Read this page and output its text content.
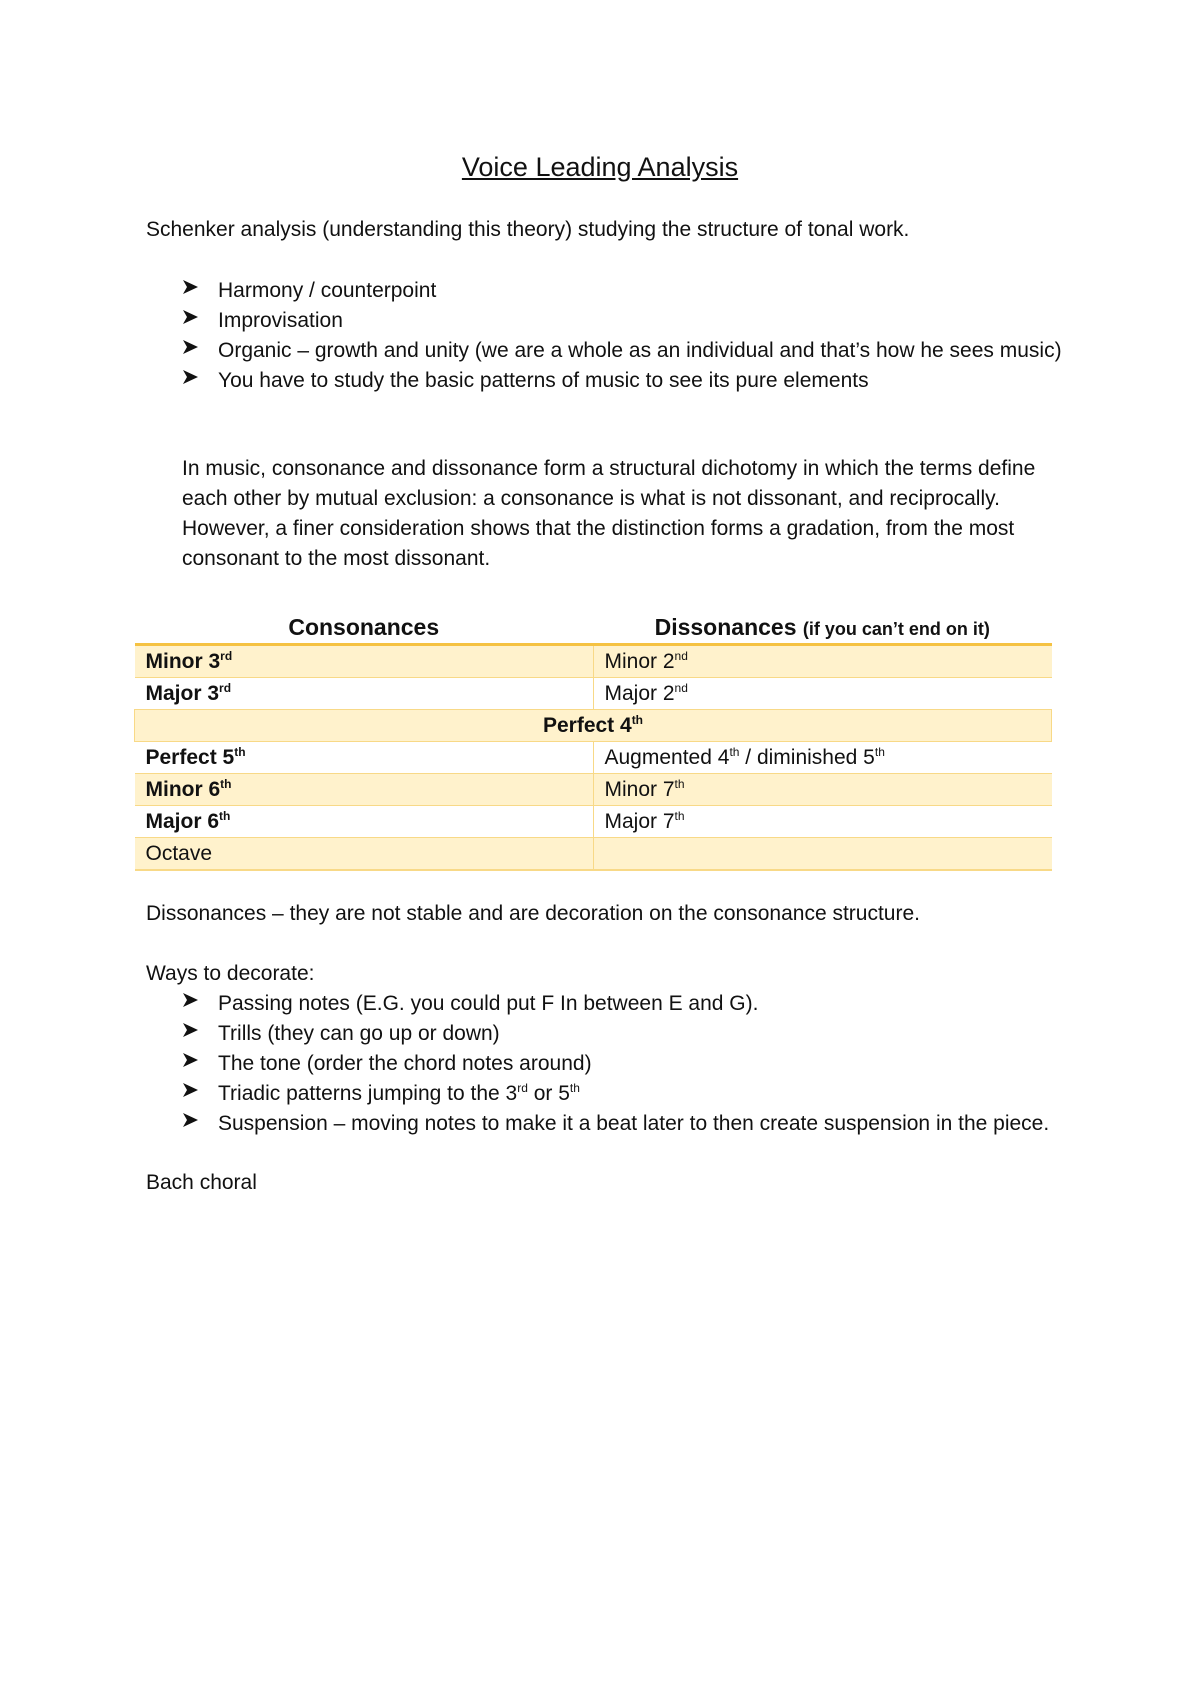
Voice Leading Analysis
Schenker analysis (understanding this theory) studying the structure of tonal work.
Harmony / counterpoint
Improvisation
Organic – growth and unity (we are a whole as an individual and that’s how he sees music)
You have to study the basic patterns of music to see its pure elements
In music, consonance and dissonance form a structural dichotomy in which the terms define each other by mutual exclusion: a consonance is what is not dissonant, and reciprocally. However, a finer consideration shows that the distinction forms a gradation, from the most consonant to the most dissonant.
Consonances	Dissonances (if you can’t end on it)
Minor 3rd	Minor 2nd
Major 3rd	Major 2nd
Perfect 4th
Perfect 5th	Augmented 4th / diminished 5th
Minor 6th	Minor 7th
Major 6th	Major 7th
Octave	
Dissonances – they are not stable and are decoration on the consonance structure.
Ways to decorate:
Passing notes (E.G. you could put F In between E and G).
Trills (they can go up or down)
The tone (order the chord notes around)
Triadic patterns jumping to the 3rd or 5th
Suspension – moving notes to make it a beat later to then create suspension in the piece.
Bach choral
